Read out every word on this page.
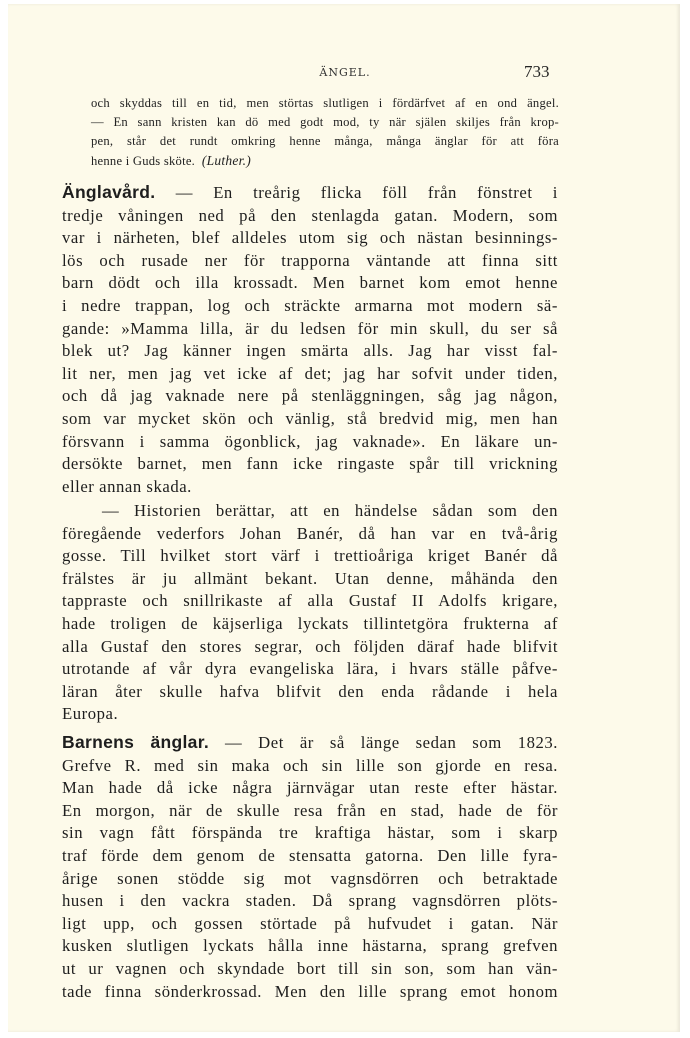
ÄNGEL.	733
och skyddas till en tid, men störtas slutligen i fördärfvet af en ond ängel.
— En sann kristen kan dö med godt mod, ty när själen skiljes från krop-
pen, står det rundt omkring henne många, många änglar för att föra
henne i Guds sköte. (Luther.)
Änglavård. — En treårig flicka föll från fönstret i
tredje våningen ned på den stenlagda gatan. Modern, som
var i närheten, blef alldeles utom sig och nästan besinnings-
lös och rusade ner för trapporna väntande att finna sitt
barn dödt och illa krossadt. Men barnet kom emot henne
i nedre trappan, log och sträckte armarna mot modern sä-
gande: »Mamma lilla, är du ledsen för min skull, du ser så
blek ut? Jag känner ingen smärta alls. Jag har visst fal-
lit ner, men jag vet icke af det; jag har sofvit under tiden,
och då jag vaknade nere på stenläggningen, såg jag någon,
som var mycket skön och vänlig, stå bredvid mig, men han
försvann i samma ögonblick, jag vaknade». En läkare un-
dersökte barnet, men fann icke ringaste spår till vrickning
eller annan skada.
— Historien berättar, att en händelse sådan som den
föregående vederfors Johan Banér, då han var en två-årig
gosse. Till hvilket stort värf i trettioåriga kriget Banér då
frälstes är ju allmänt bekant. Utan denne, måhända den
tappraste och snillrikaste af alla Gustaf II Adolfs krigare,
hade troligen de käjserliga lyckats tillintetgöra frukterna af
alla Gustaf den stores segrar, och följden däraf hade blifvit
utrotande af vår dyra evangeliska lära, i hvars ställe påfve-
läran åter skulle hafva blifvit den enda rådande i hela
Europa.
Barnens änglar. — Det är så länge sedan som 1823.
Grefve R. med sin maka och sin lille son gjorde en resa.
Man hade då icke några järnvägar utan reste efter hästar.
En morgon, när de skulle resa från en stad, hade de för
sin vagn fått förspända tre kraftiga hästar, som i skarp
traf förde dem genom de stensatta gatorna. Den lille fyra-
årige sonen stödde sig mot vagnsdörren och betraktade
husen i den vackra staden. Då sprang vagnsdörren plöts-
ligt upp, och gossen störtade på hufvudet i gatan. När
kusken slutligen lyckats hålla inne hästarna, sprang grefven
ut ur vagnen och skyndade bort till sin son, som han vän-
tade finna sönderkrossad. Men den lille sprang emot honom
